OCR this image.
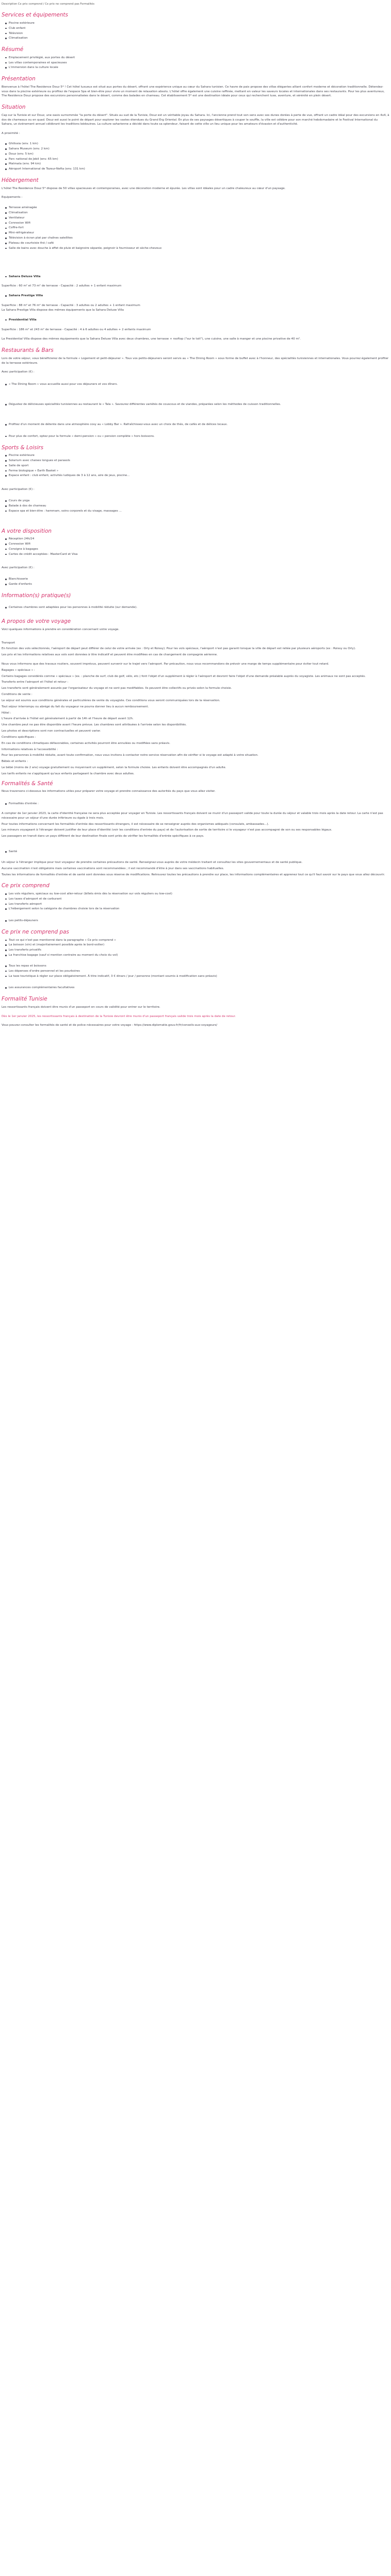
Description Ce prix comprend / Ce prix ne comprend pas Formalités
Services et équipements
Piscine extérieure
Club enfant
Télévision
Climatisation
Résumé
Emplacement privilégié, aux portes du désert
Les villas contemporaines et spacieuses
L'immersion dans la culture locale
Présentation

Bienvenue à l'hôtel The Residence Douz 5* ! Cet hôtel luxueux est situé aux portes du désert, offrant une expérience unique au cœur du Sahara tunisien. Ce havre de paix propose des villas élégantes alliant confort moderne et décoration traditionnelle. Détendez-vous dans la piscine extérieure ou profitez de l'espace Spa et bien-être pour vivre un moment de relaxation absolu. L'hôtel offre également une cuisine raffinée, mettant en valeur les saveurs locales et internationales dans ses restaurants. Pour les plus aventureux, The Residence Douz propose des excursions personnalisées dans le désert, comme des balades en chameau. Cet établissement 5* est une destination idéale pour ceux qui recherchent luxe, aventure, et sérénité en plein désert.

Situation

Cap sur la Tunisie et sur Douz, une oasis surnommée "la porte du désert". Situés au sud de la Tunisie, Douz est un véritable joyau du Sahara. Ici, l'ancienne prend tout son sens avec ses dunes dorées à perte de vue, offrant un cadre idéal pour des excursions en 4x4, à dos de chameaux ou en quad. Douz est aussi le point de départ pour explorer les vastes étendues du Grand Erg Oriental. En plus de ses paysages désertiques à couper le souffle, la ville est célèbre pour son marché hebdomadaire et le Festival International du Sahara, un événement annuel célébrant les traditions bédouines. La culture saharienne a décidé dans toute sa splendeur, faisant de cette ville un lieu unique pour les amateurs d'évasion et d'authenticité.

A proximité :

Ghilissia (env. 1 km)
Sahara Museum (env. 2 km)
Douz (env. 5 km)
Parc national de Jebil (env. 65 km)
Matmata (env. 94 km)
Aéroport International de Tozeur-Nefta (env. 131 km)
Hébergement

L'hôtel The Residence Douz 5* dispose de 50 villas spacieuses et contemporaines, avec une décoration moderne et épurée. Les villas sont idéales pour un cadre chaleureux au cœur d'un paysage.

Equipements :

Terrasse aménagée
Climatisation
Ventilateur
Connexion Wifi
Coffre-fort
Mini-réfrigérateur
Télévision à écran plat par chaînes satellites
Plateau de courtoisie thé / café
Salle de bains avec douche à effet de pluie et baignoire séparée, peignoir à fournisseur et sèche-cheveux
Sahara Deluxe Villa

Superficie : 60 m² et 73 m² de terrasse - Capacité : 2 adultes + 1 enfant maximum

Sahara Prestige Villa

Superficie : 88 m² et 76 m² de terrasse - Capacité : 3 adultes ou 2 adultes + 1 enfant maximum
La Sahara Prestige Villa dispose des mêmes équipements que la Sahara Deluxe Villa

Presidential Villa

Superficie : 186 m² et 243 m² de terrasse - Capacité : 4 à 6 adultes ou 4 adultes + 2 enfants maximum

La Presidential Villa dispose des mêmes équipements que la Sahara Deluxe Villa avec deux chambres, une terrasse + rooftop ("sur le toit"), une cuisine, une salle à manger et une piscine privative de 40 m².

Restaurants & Bars

Lors de votre séjour, vous bénéficierez de la formule « Logement et petit-déjeuner ». Tous vos petits-déjeuners seront servis au « The Dining Room » sous forme de buffet avec à l'honneur, des spécialités tunisiennes et internationales. Vous pourrez également profiter de la terrasse extérieure.

Avec participation (€) :

« The Dining Room » vous accueille aussi pour vos déjeuners et vos dîners.
Dégustez de délicieuses spécialités tunisiennes au restaurant le « Tala ». Savourez différentes variétés de couscous et de viandes, préparées selon les méthodes de cuisson traditionnelles.
Profitez d'un moment de détente dans une atmosphère cosy au « Lobby Bar ». Rafraîchissez-vous avec un choix de thés, de cafés et de délices locaux.
Pour plus de confort, optez pour la formule « demi-pension » ou « pension complète » hors boissons.
Sports & Loisirs
Piscine extérieure
Solarium avec chaises longues et parasols
Salle de sport
Ferme biologique « Earth Basket »
Espace enfant : club enfant, activités ludiques de 3 à 12 ans, aire de jeux, piscine...

Avec participation (€) :

Cours de yoga
Balade à dos de chameau
Espace spa et bien-être : hammam, soins corporels et du visage, massages ...
A votre disposition
Réception 24h/24
Connexion Wifi
Consigne à bagages
Cartes de crédit acceptées : MasterCard et Visa

Avec participation (€) :

Blanchisserie
Garde d'enfants
Information(s) pratique(s)
Certaines chambres sont adaptées pour les personnes à mobilité réduite (sur demande).
A propos de votre voyage

Voici quelques informations à prendre en considération concernant votre voyage.

Transport

En fonction des vols sélectionnés, l'aéroport de départ peut différer de celui de votre arrivée (ex : Orly et Roissy). Pour les vols spéciaux, l'aéroport n'est pas garanti lorsque la ville de départ est reliée par plusieurs aéroports (ex : Roissy ou Orly).

Les prix et les informations relatives aux vols sont données à titre indicatif et peuvent être modifiées en cas de changement de compagnie aérienne.

Nous vous informons que des travaux routiers, souvent imprévus, peuvent survenir sur le trajet vers l'aéroport. Par précaution, nous vous recommandons de prévoir une marge de temps supplémentaire pour éviter tout retard.

Bagages « spéciaux » :

Certains bagages considérés comme « spéciaux » (ex. : planche de surf, club de golf, vélo, etc.) font l'objet d'un supplément à régler à l'aéroport et devront faire l'objet d'une demande préalable auprès du voyagiste. Les animaux ne sont pas acceptés.

Transferts entre l'aéroport et l'hôtel et retour :

Les transferts sont généralement assurés par l'organisateur du voyage et ne sont pas modifiables. Ils peuvent être collectifs ou privés selon la formule choisie.

Conditions de vente :

Le séjour est soumis aux conditions générales et particulières de vente du voyagiste. Ces conditions vous seront communiquées lors de la réservation.

Tout séjour interrompu ou abrégé du fait du voyageur ne pourra donner lieu à aucun remboursement.

Hôtel :

L'heure d'arrivée à l'hôtel est généralement à partir de 14h et l'heure de départ avant 12h.

Une chambre peut ne pas être disponible avant l'heure prévue. Les chambres sont attribuées à l'arrivée selon les disponibilités.

Les photos et descriptions sont non contractuelles et peuvent varier.

Conditions spécifiques :

En cas de conditions climatiques défavorables, certaines activités pourront être annulées ou modifiées sans préavis.

Informations relatives à l'accessibilité :

Pour les personnes à mobilité réduite, avant toute confirmation, nous vous invitons à contacter notre service réservation afin de vérifier si le voyage est adapté à votre situation.

Bébés et enfants :

Le bébé (moins de 2 ans) voyage gratuitement ou moyennant un supplément, selon la formule choisie. Les enfants doivent être accompagnés d'un adulte.

Les tarifs enfants ne s'appliquent qu'aux enfants partageant la chambre avec deux adultes.

Formalités & Santé

Nous traversons ci-dessous les informations utiles pour préparer votre voyage et prendre connaissance des autorités du pays que vous allez visiter.

Formalités d'entrée :

A compter de 1er janvier 2023, la carte d'identité française ne sera plus acceptée pour voyager en Tunisie. Les ressortissants français doivent se munir d'un passeport valide pour toute la durée du séjour et valable trois mois après la date retour. La carte n'est pas nécessaire pour un séjour d'une durée inférieure ou égale à trois mois.

Pour toutes informations concernant les formalités d'entrée des ressortissants étrangers, il est nécessaire de se renseigner auprès des organismes adéquats (consulats, ambassades...).

Les mineurs voyageant à l'étranger doivent justifier de leur place d'identité (voir les conditions d'entrée du pays) et de l'autorisation de sortie de territoire si le voyageur n'est pas accompagné de son ou ses responsables légaux.

Les passagers en transit dans un pays différent de leur destination finale sont priés de vérifier les formalités d'entrée spécifiques à ce pays.

Santé

Un séjour à l'étranger implique pour tout voyageur de prendre certaines précautions de santé. Renseignez-vous auprès de votre médecin traitant et consultez les sites gouvernementaux et de santé publique.

Aucune vaccination n'est obligatoire mais certaines vaccinations sont recommandées ; il est recommandé d'être à jour dans ses vaccinations habituelles.

Toutes les informations de formalités d'entrée et de santé sont données sous réserve de modifications. Retrouvez toutes les précautions à prendre sur place, les informations complémentaires et apprenez tout ce qu'il faut savoir sur le pays que vous allez découvrir.

Ce prix comprend
Les vols réguliers, spéciaux ou low-cost aller-retour (billets émis dès la réservation sur vols réguliers ou low-cost)
Les taxes d'aéroport et de carburant
Les transferts aéroport
L'hébergement selon la catégorie de chambres choisie lors de la réservation
Les petits-déjeuners
Ce prix ne comprend pas
Tout ce qui n'est pas mentionné dans la paragraphe « Ce prix comprend »
La boisson (vin) et (majoritairement possible après le bord-voilier)
Les transferts privatifs
La franchise bagage (sauf si mention contraire au moment du choix du vol)
Tous les repas et boissons
Les dépenses d'ordre personnel et les pourboires
La taxe touristique à régler sur place obligatoirement. À titre indicatif, 3 € dinars / jour / personne (montant soumis à modification sans préavis)
Les assurances complémentaires facultatives
Formalité Tunisie

Les ressortissants français doivent être munis d'un passeport en cours de validité pour entrer sur le territoire.

Dès le 1er janvier 2025, les ressortissants français à destination de la Tunisie devront être munis d'un passeport français valide trois mois après la date de retour.

Vous pouvez consulter les formalités de santé et de police nécessaires pour votre voyage : https://www.diplomatie.gouv.fr/fr/conseils-aux-voyageurs/
